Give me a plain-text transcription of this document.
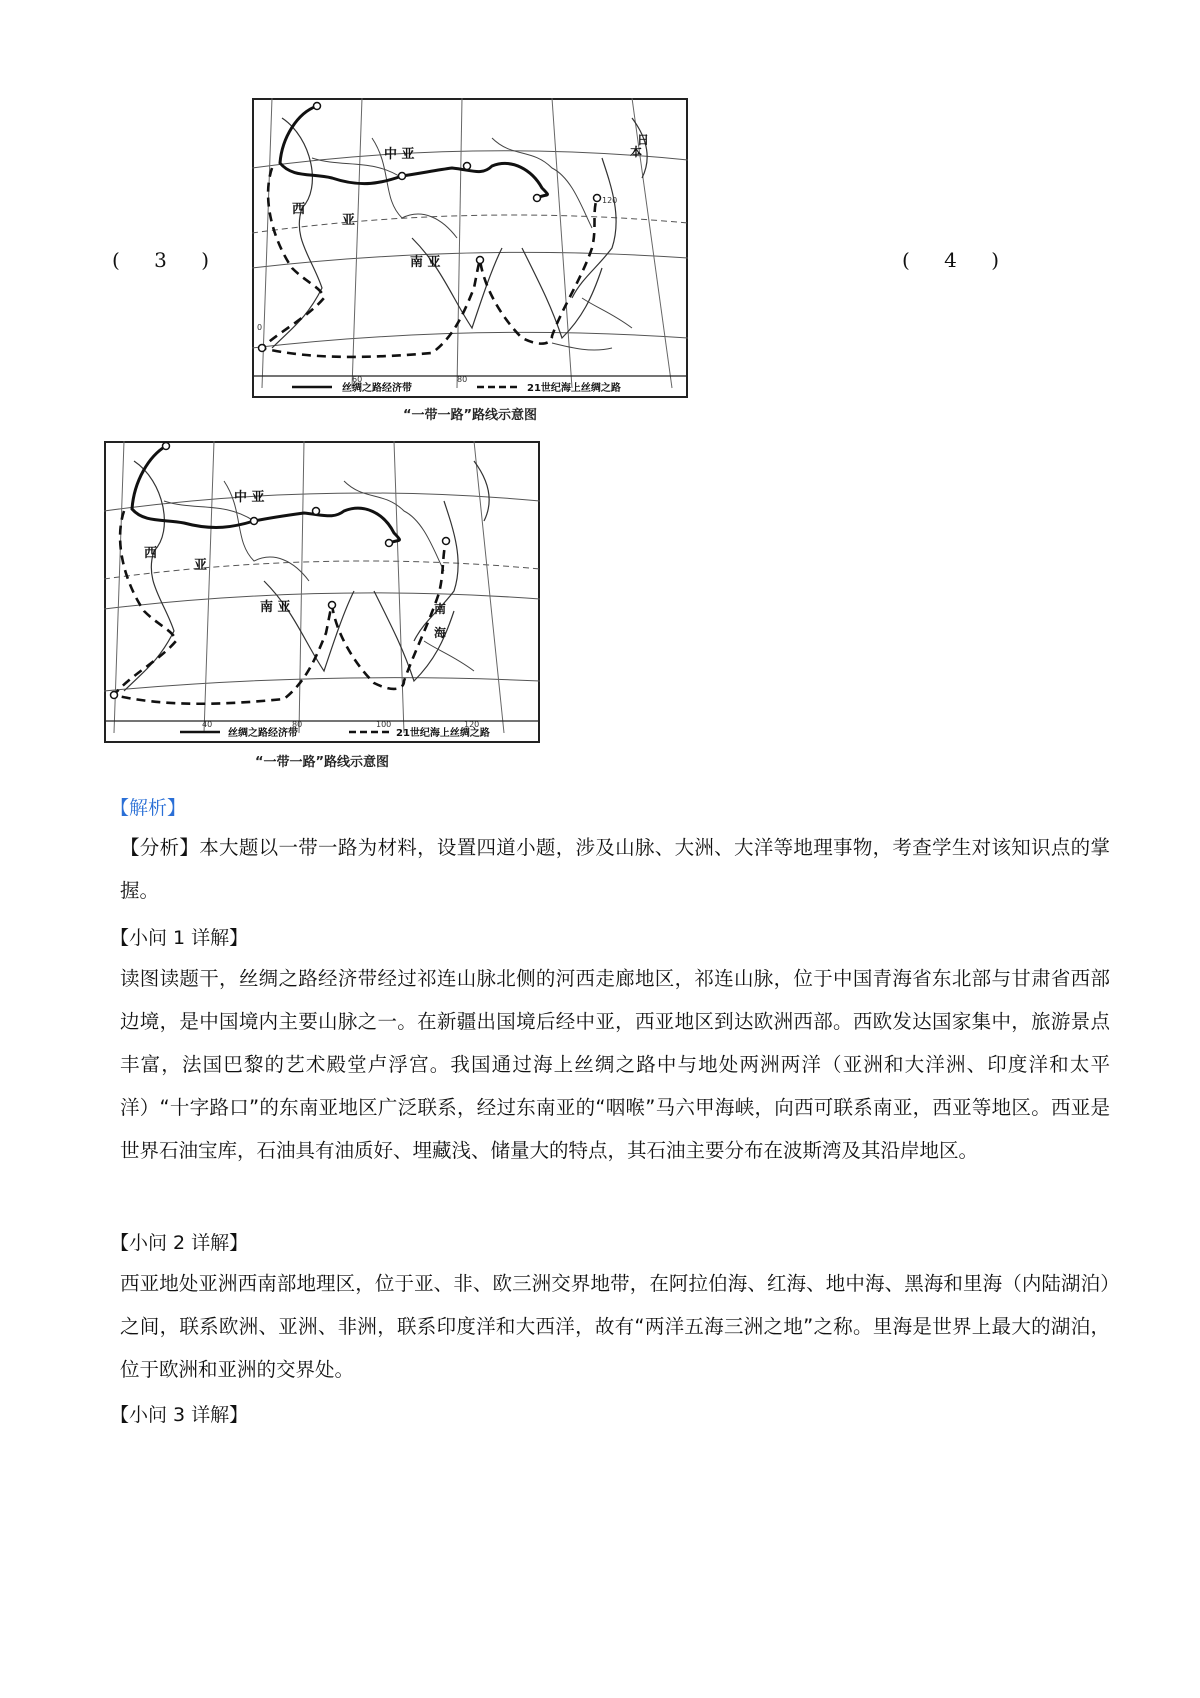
( 3 )	( 4 )
中 亚
西
亚
南 亚
日
本
120
0
60	80
丝绸之路经济带	21世纪海上丝绸之路
“一带一路”路线示意图
中 亚
西
亚
南 亚	南
海
40	80	100	120
丝绸之路经济带	21世纪海上丝绸之路
“一带一路”路线示意图
【解析】
【分析】本大题以一带一路为材料，设置四道小题，涉及山脉、大洲、大洋等地理事物，考查学生对该知识点的掌握。
【小问 1 详解】
读图读题干，丝绸之路经济带经过祁连山脉北侧的河西走廊地区，祁连山脉，位于中国青海省东北部与甘肃省西部边境，是中国境内主要山脉之一。在新疆出国境后经中亚，西亚地区到达欧洲西部。西欧发达国家集中，旅游景点丰富，法国巴黎的艺术殿堂卢浮宫。我国通过海上丝绸之路中与地处两洲两洋（亚洲和大洋洲、印度洋和太平洋）“十字路口”的东南亚地区广泛联系，经过东南亚的“咽喉”马六甲海峡，向西可联系南亚，西亚等地区。西亚是世界石油宝库，石油具有油质好、埋藏浅、储量大的特点，其石油主要分布在波斯湾及其沿岸地区。
【小问 2 详解】
西亚地处亚洲西南部地理区，位于亚、非、欧三洲交界地带，在阿拉伯海、红海、地中海、黑海和里海（内陆湖泊）之间，联系欧洲、亚洲、非洲，联系印度洋和大西洋，故有“两洋五海三洲之地”之称。里海是世界上最大的湖泊，位于欧洲和亚洲的交界处。
【小问 3 详解】
